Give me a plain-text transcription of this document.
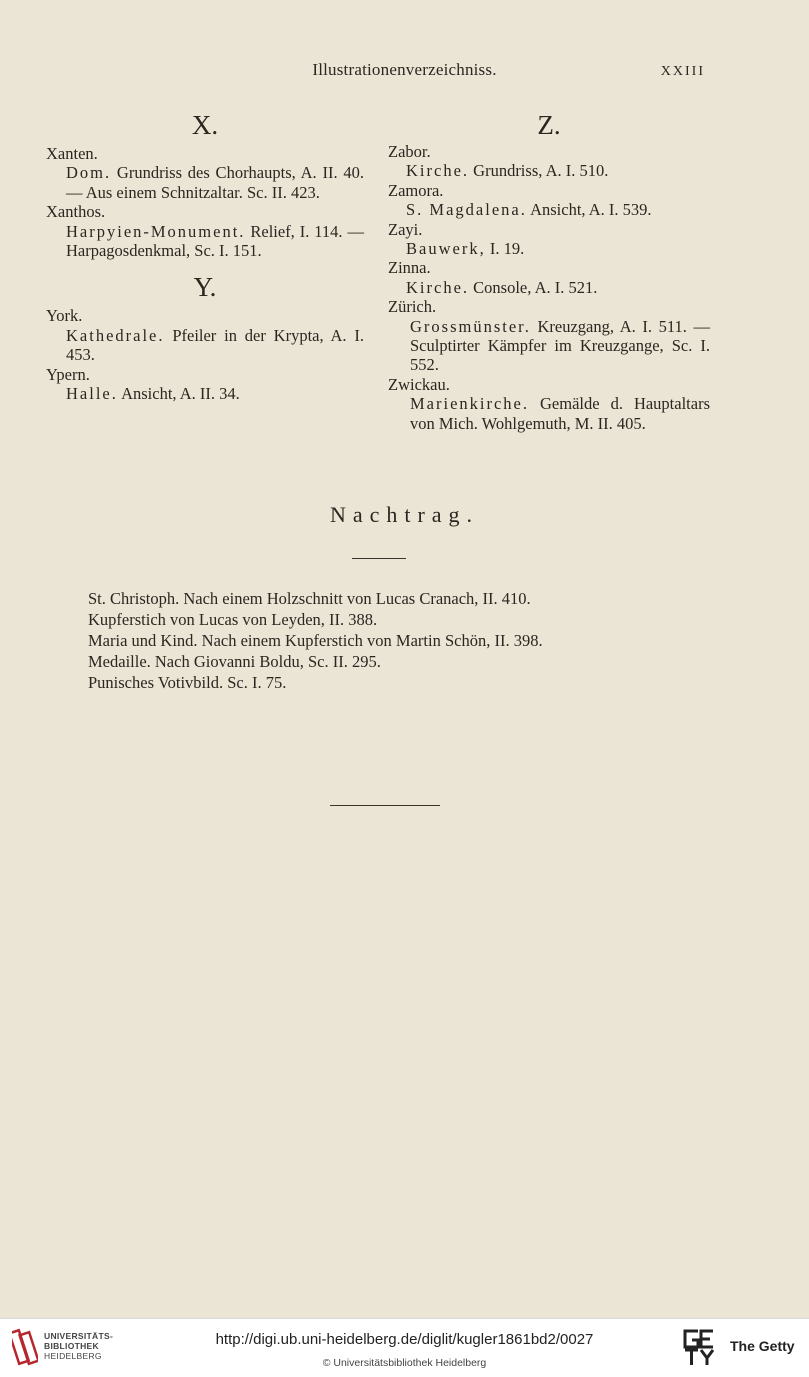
Illustrationenverzeichniss.	XXIII
X.

Xanten.

Dom. Grundriss des Chorhaupts, A. II. 40. — Aus einem Schnitzaltar. Sc. II. 423.

Xanthos.

Harpyien-Monument. Relief, I. 114. —Harpagosdenkmal, Sc. I. 151.

Y.

York.

Kathedrale. Pfeiler in der Krypta, A. I. 453.

Ypern.

Halle. Ansicht, A. II. 34.

Z.

Zabor.

Kirche. Grundriss, A. I. 510.

Zamora.

S. Magdalena. Ansicht, A. I. 539.

Zayi.

Bauwerk, I. 19.

Zinna.

Kirche. Console, A. I. 521.

Zürich.

Grossmünster. Kreuzgang, A. I. 511. — Sculptirter Kämpfer im Kreuzgange, Sc. I. 552.

Zwickau.

Marienkirche. Gemälde d. Hauptaltars von Mich. Wohlgemuth, M. II. 405.

Nachtrag.

St. Christoph. Nach einem Holzschnitt von Lucas Cranach, II. 410.

Kupferstich von Lucas von Leyden, II. 388.

Maria und Kind. Nach einem Kupferstich von Martin Schön, II. 398.

Medaille. Nach Giovanni Boldu, Sc. II. 295.

Punisches Votivbild. Sc. I. 75.

UNIVERSITÄTS-
BIBLIOTHEK
HEIDELBERG
http://digi.ub.uni-heidelberg.de/diglit/kugler1861bd2/0027
© Universitätsbibliothek Heidelberg
The Getty
